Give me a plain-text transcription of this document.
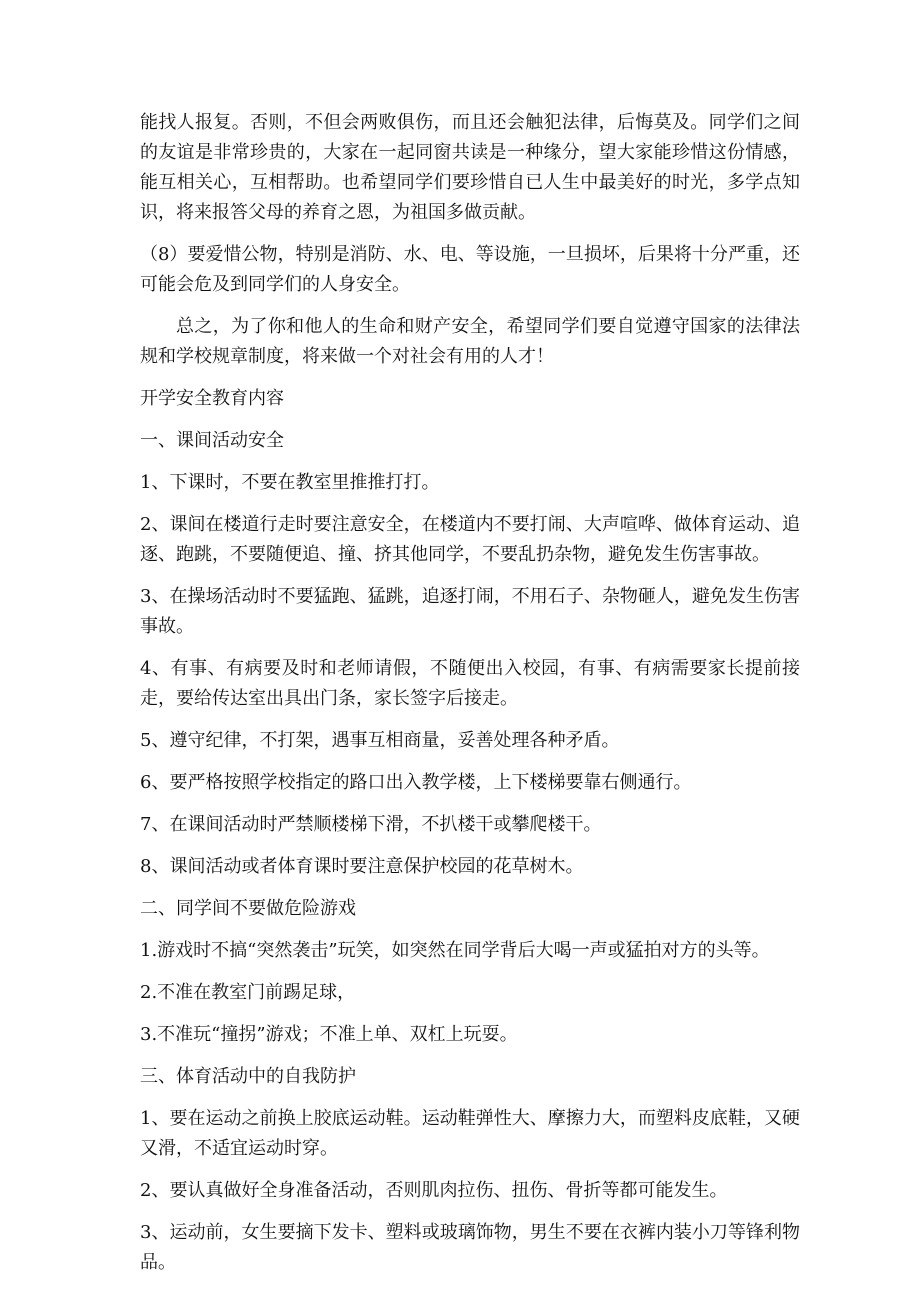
能找人报复。否则，不但会两败俱伤，而且还会触犯法律，后悔莫及。同学们之间的友谊是非常珍贵的，大家在一起同窗共读是一种缘分，望大家能珍惜这份情感，能互相关心，互相帮助。也希望同学们要珍惜自已人生中最美好的时光，多学点知识，将来报答父母的养育之恩，为祖国多做贡献。

（8）要爱惜公物，特别是消防、水、电、等设施，一旦损坏，后果将十分严重，还可能会危及到同学们的人身安全。

总之，为了你和他人的生命和财产安全，希望同学们要自觉遵守国家的法律法规和学校规章制度，将来做一个对社会有用的人才！

开学安全教育内容

一、课间活动安全

1、下课时，不要在教室里推推打打。

2、课间在楼道行走时要注意安全，在楼道内不要打闹、大声喧哗、做体育运动、追逐、跑跳，不要随便追、撞、挤其他同学，不要乱扔杂物，避免发生伤害事故。

3、在操场活动时不要猛跑、猛跳，追逐打闹，不用石子、杂物砸人，避免发生伤害事故。

4、有事、有病要及时和老师请假，不随便出入校园，有事、有病需要家长提前接走，要给传达室出具出门条，家长签字后接走。

5、遵守纪律，不打架，遇事互相商量，妥善处理各种矛盾。

6、要严格按照学校指定的路口出入教学楼，上下楼梯要靠右侧通行。

7、在课间活动时严禁顺楼梯下滑，不扒楼干或攀爬楼干。

8、课间活动或者体育课时要注意保护校园的花草树木。

二、同学间不要做危险游戏

1.游戏时不搞“突然袭击”玩笑，如突然在同学背后大喝一声或猛拍对方的头等。

2.不准在教室门前踢足球，

3.不准玩“撞拐”游戏；不准上单、双杠上玩耍。

三、体育活动中的自我防护

1、要在运动之前换上胶底运动鞋。运动鞋弹性大、摩擦力大，而塑料皮底鞋，又硬又滑，不适宜运动时穿。

2、要认真做好全身准备活动，否则肌肉拉伤、扭伤、骨折等都可能发生。

3、运动前，女生要摘下发卡、塑料或玻璃饰物，男生不要在衣裤内装小刀等锋利物品。
